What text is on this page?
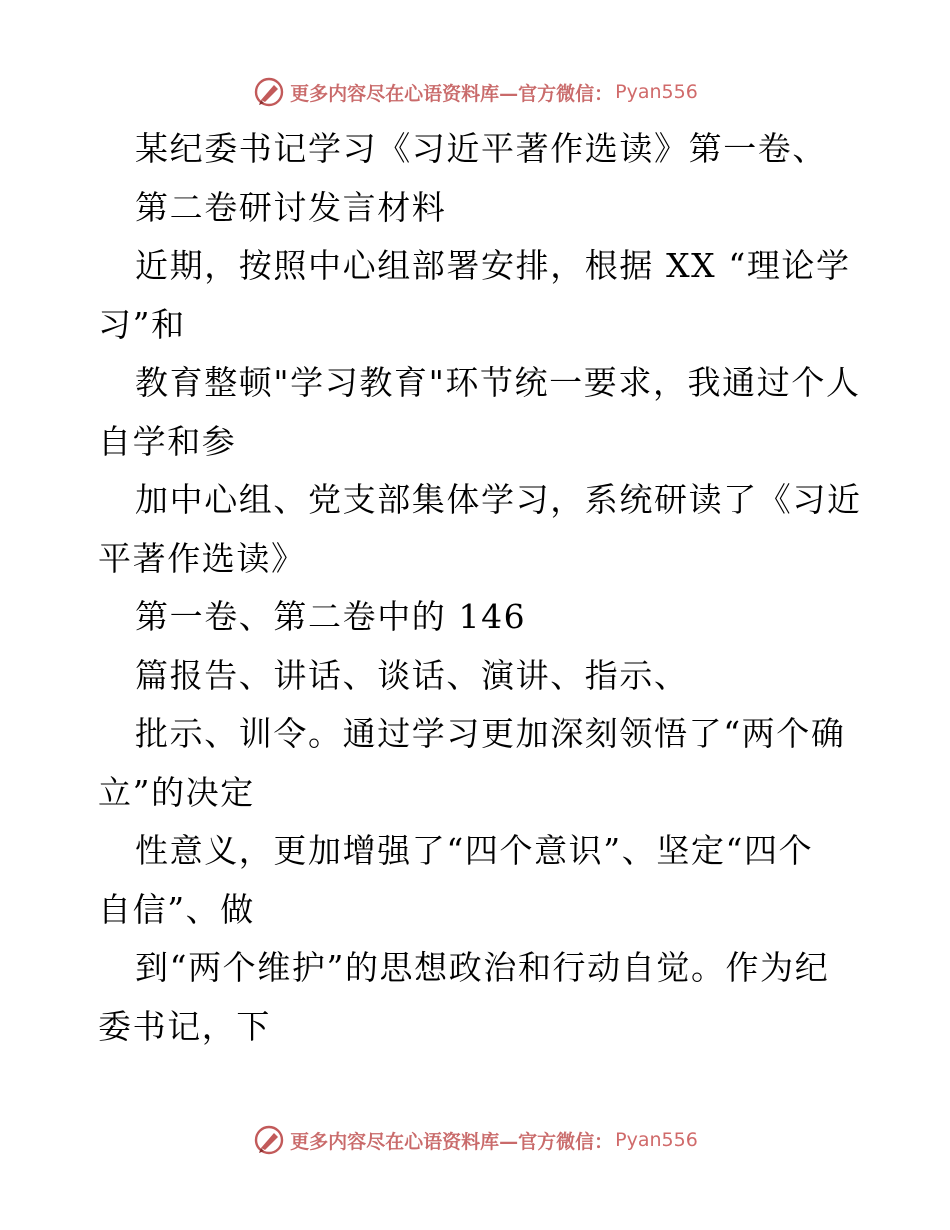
更多内容尽在心语资料库—官方微信： Pyan556
某纪委书记学习《习近平著作选读》第一卷、
第二卷研讨发言材料
近期，按照中心组部署安排，根据 XX “理论学
习”和
教育整顿"学习教育"环节统一要求，我通过个人
自学和参
加中心组、党支部集体学习，系统研读了《习近
平著作选读》
第一卷、第二卷中的 146
篇报告、讲话、谈话、演讲、指示、
批示、训令。通过学习更加深刻领悟了“两个确
立”的决定
性意义，更加增强了“四个意识”、坚定“四个
自信”、做
到“两个维护”的思想政治和行动自觉。作为纪
委书记，下
更多内容尽在心语资料库—官方微信： Pyan556
